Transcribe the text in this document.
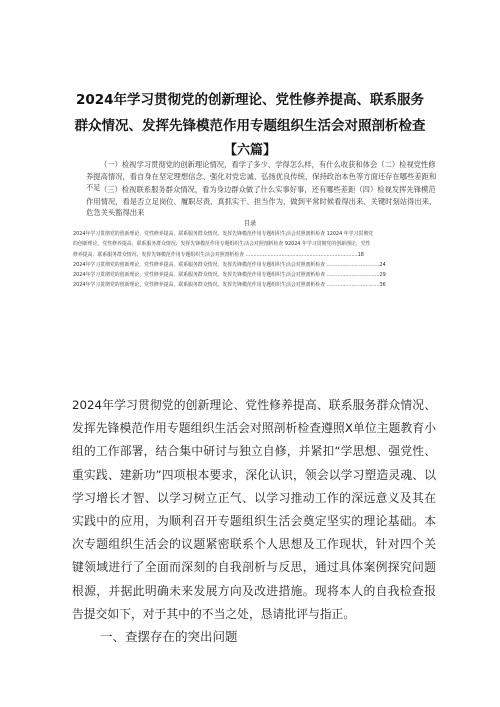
2024年学习贯彻党的创新理论、党性修养提高、联系服务
群众情况、发挥先锋模范作用专题组织生活会对照剖析检查
【六篇】

（一）检视学习贯彻党的创新理论情况，看学了多少、学得怎么样，有什么收获和体会（二）检视党性修养提高情况，看自身在坚定理想信念、强化对党忠诚、弘扬优良传统、保持政治本色等方面还存在哪些差距和不足 （三）检视联系服务群众情况，看为身边群众做了什么实事好事，还有哪些差距（四）检视发挥先锋模范作用情况，看是否立足岗位、履职尽责、真抓实干、担当作为，做到平常时候看得出来、关键时刻站得出来、危急关头豁得出来

目录
2024年学习贯彻党的创新理论、党性修养提高、联系服务群众情况、发挥先锋模范作用专题组织生活会对照剖析检查 12024 年学习贯彻党
的创新理论、党性修养提高、联系服务群众情况、发挥先锋模范作用专题组织生活会对照剖析检查 92024 年学习贯彻党的创新理论、党性
修养提高、联系服务群众情况、发挥先锋模范作用专题组织生活会对照剖析检查 ........................................................................18
2024年学习贯彻党的创新理论、党性修养提高、联系服务群众情况、发挥先锋模范作用专题组织生活会对照剖析检查 ..................................24
2024年学习贯彻党的创新理论、党性修养提高、联系服务群众情况、发挥先锋模范作用专题组织生活会对照剖析检查 ..................................29
2024年学习贯彻党的创新理论、党性修养提高、联系服务群众情况、发挥先锋模范作用专题组织生活会对照剖析检查 ..................................36

2024年学习贯彻党的创新理论、党性修养提高、联系服务群众情况、发挥先锋模范作用专题组织生活会对照剖析检查遵照X单位主题教育小组的工作部署，结合集中研讨与独立自修，并紧扣“学思想、强党性、重实践、建新功”四项根本要求，深化认识，领会以学习塑造灵魂、以学习增长才智、以学习树立正气、以学习推动工作的深远意义及其在实践中的应用，为顺利召开专题组织生活会奠定坚实的理论基础。本次专题组织生活会的议题紧密联系个人思想及工作现状，针对四个关键领域进行了全面而深刻的自我剖析与反思，通过具体案例探究问题根源，并据此明确未来发展方向及改进措施。现将本人的自我检查报告提交如下，对于其中的不当之处，恳请批评与指正。

一、查摆存在的突出问题
